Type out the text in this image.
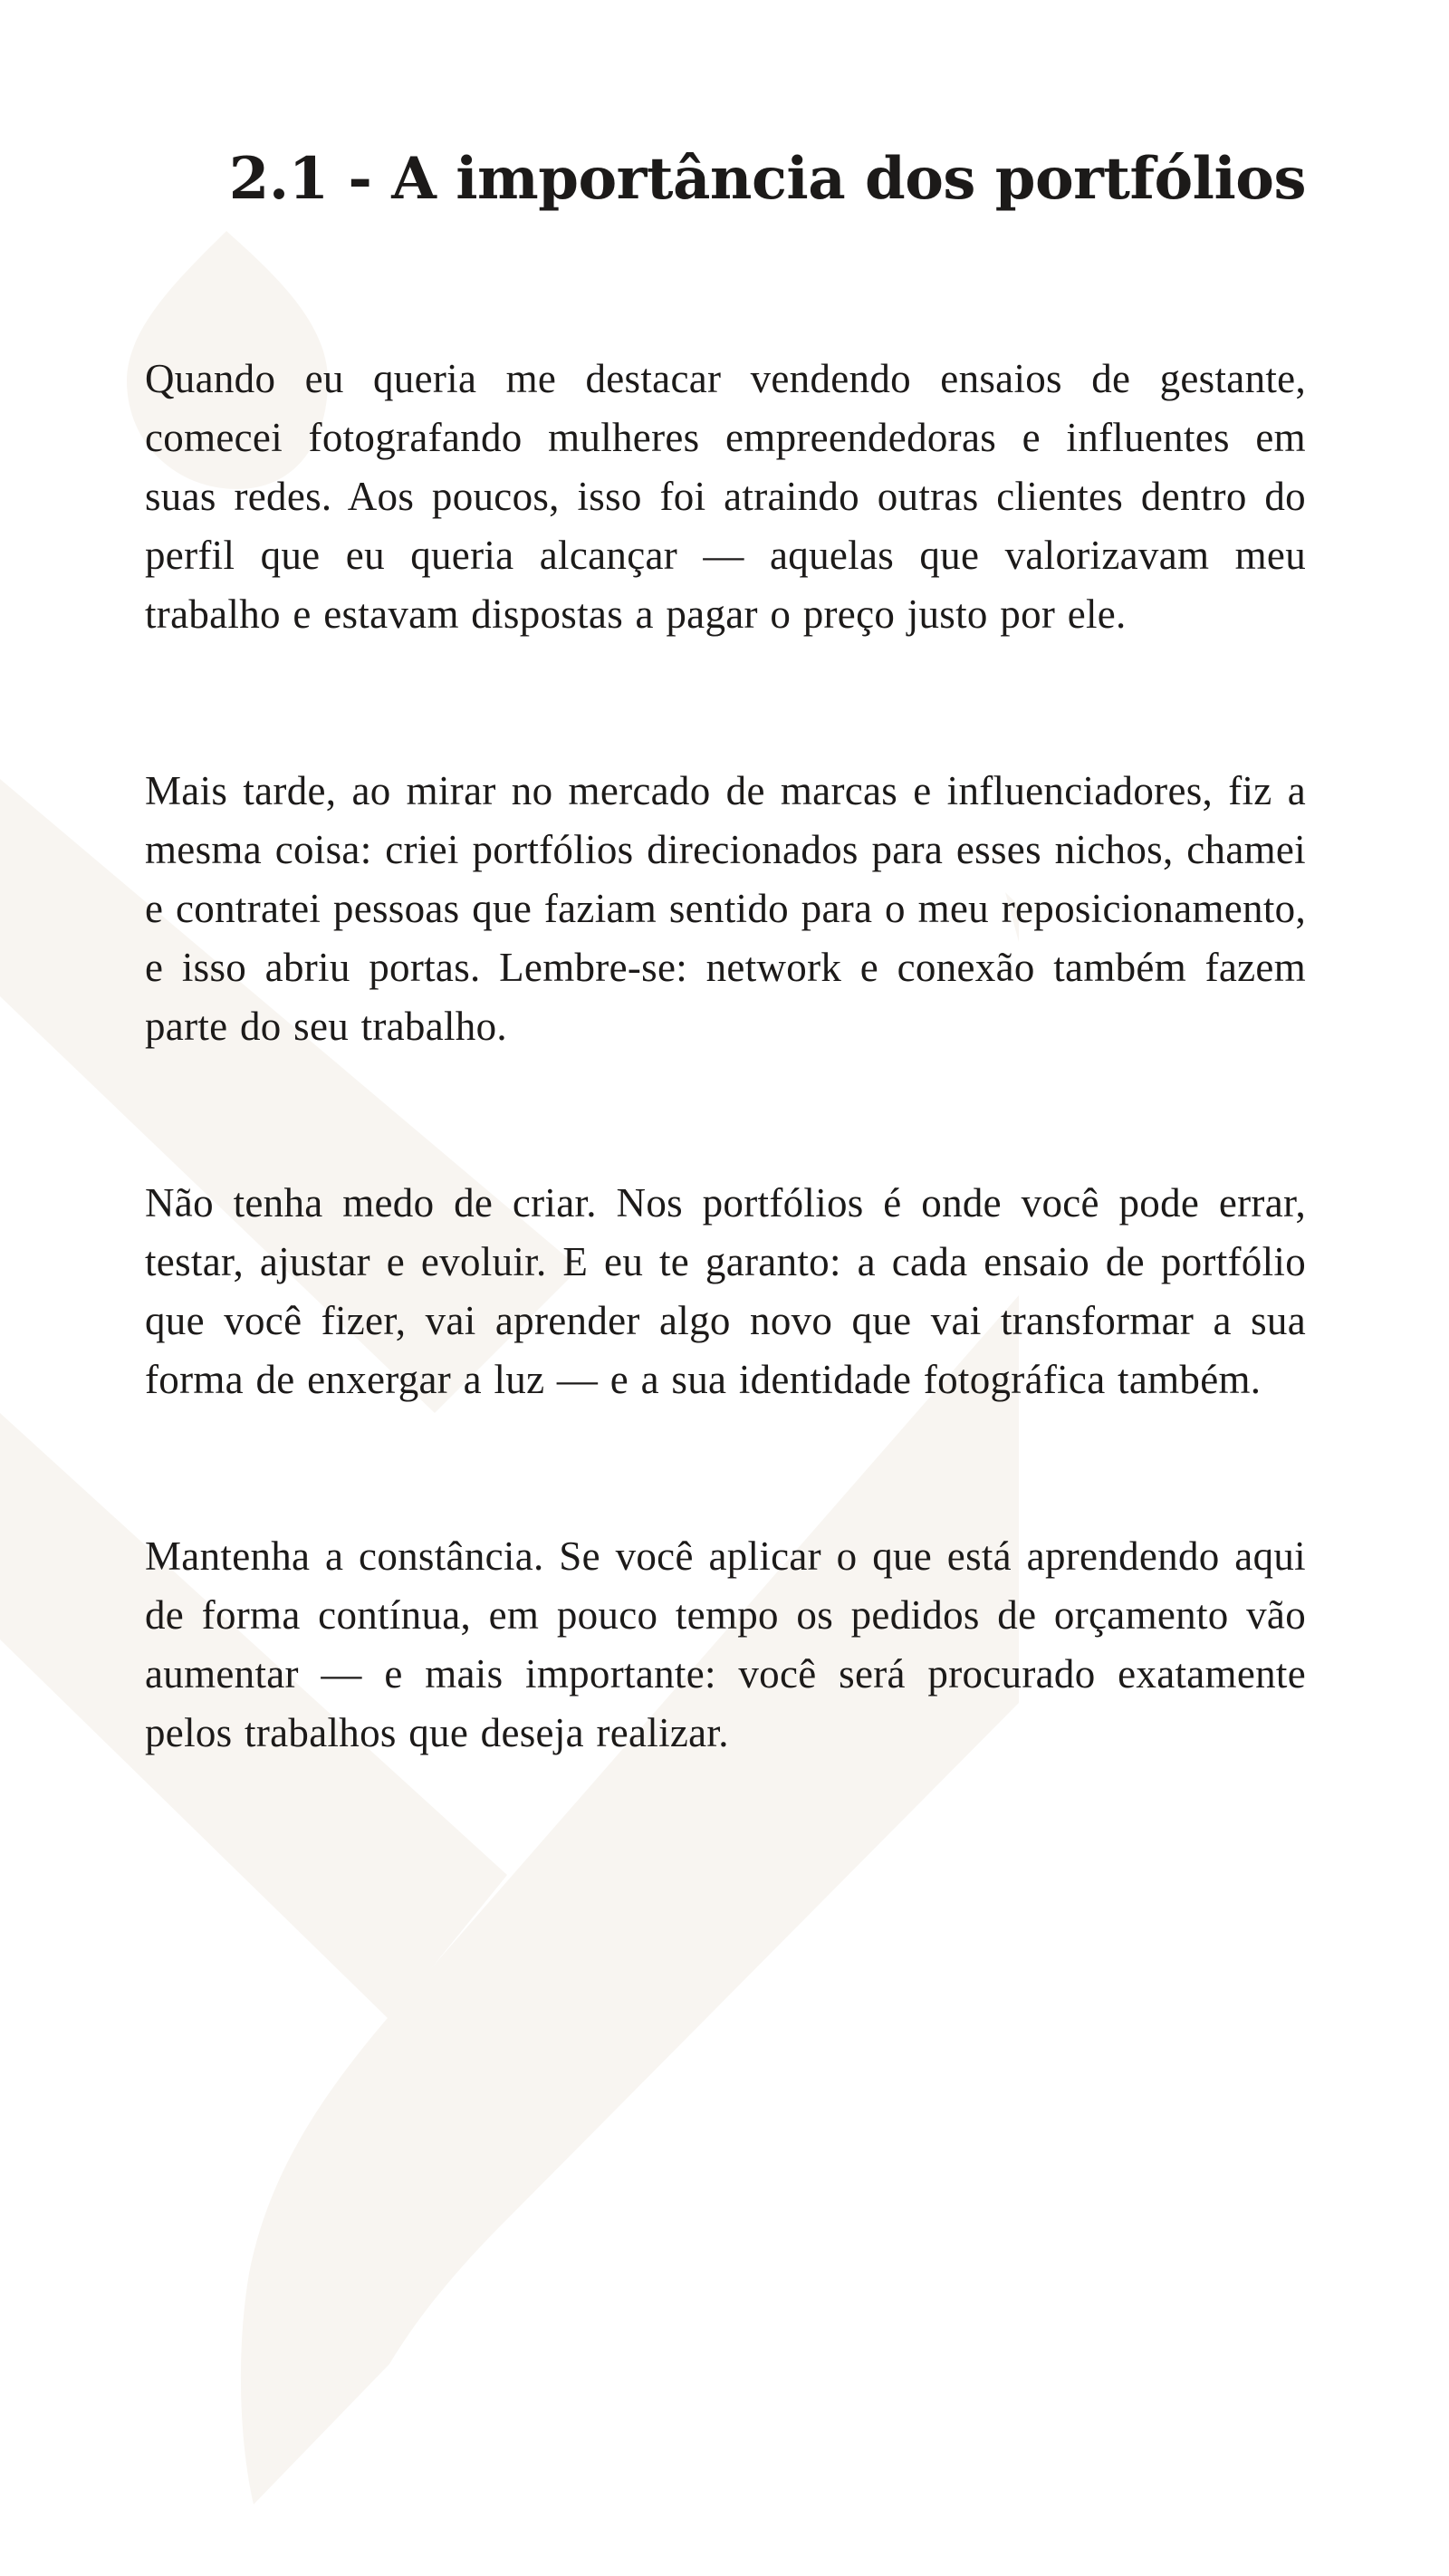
2.1 - A importância dos portfólios

Quando eu queria me destacar vendendo ensaios de gestante, comecei fotografando mulheres empreendedoras e influentes em suas redes. Aos poucos, isso foi atraindo outras clientes dentro do perfil que eu queria alcançar — aquelas que valorizavam meu trabalho e estavam dispostas a pagar o preço justo por ele.

Mais tarde, ao mirar no mercado de marcas e influenciadores, fiz a mesma coisa: criei portfólios direcionados para esses nichos, chamei e contratei pessoas que faziam sentido para o meu reposicionamento, e isso abriu portas. Lembre-se: network e conexão também fazem parte do seu trabalho.

Não tenha medo de criar. Nos portfólios é onde você pode errar, testar, ajustar e evoluir. E eu te garanto: a cada ensaio de portfólio que você fizer, vai aprender algo novo que vai transformar a sua forma de enxergar a luz — e a sua identidade fotográfica também.

Mantenha a constância. Se você aplicar o que está aprendendo aqui de forma contínua, em pouco tempo os pedidos de orçamento vão aumentar — e mais importante: você será procurado exatamente pelos trabalhos que deseja realizar.
